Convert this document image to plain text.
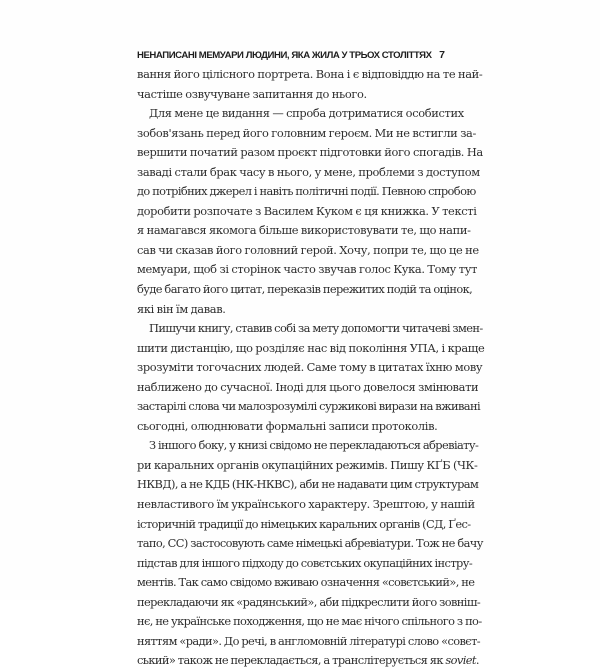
НЕНАПИСАНІ МЕМУАРИ ЛЮДИНИ, ЯКА ЖИЛА У ТРЬОХ СТОЛІТТЯХ 7
вання його цілісного портрета. Вона і є відповіддю на те най-
частіше озвучуване запитання до нього.
Для мене це видання — спроба дотриматися особистих
зобов'язань перед його головним героєм. Ми не встигли за-
вершити початий разом проєкт підготовки його спогадів. На
заваді стали брак часу в нього, у мене, проблеми з доступом
до потрібних джерел і навіть політичні події. Певною спробою
доробити розпочате з Василем Куком є ця книжка. У тексті
я намагався якомога більше використовувати те, що напи-
сав чи сказав його головний герой. Хочу, попри те, що це не
мемуари, щоб зі сторінок часто звучав голос Кука. Тому тут
буде багато його цитат, переказів пережитих подій та оцінок,
які він їм давав.
Пишучи книгу, ставив собі за мету допомогти читачеві змен-
шити дистанцію, що розділяє нас від покоління УПА, і краще
зрозуміти тогочасних людей. Саме тому в цитатах їхню мову
наближено до сучасної. Іноді для цього довелося змінювати
застарілі слова чи малозрозумілі суржикові вирази на вживані
сьогодні, олюднювати формальні записи протоколів.
З іншого боку, у книзі свідомо не перекладаються абревіату-
ри каральних органів окупаційних режимів. Пишу КҐБ (ЧК-
НКВД), а не КДБ (НК-НКВС), аби не надавати цим структурам
невластивого їм українського характеру. Зрештою, у нашій
історичній традиції до німецьких каральних органів (СД, Ґес-
тапо, СС) застосовують саме німецькі абревіатури. Тож не бачу
підстав для іншого підходу до совєтських окупаційних інстру-
ментів. Так само свідомо вживаю означення «совєтський», не
перекладаючи як «радянський», аби підкреслити його зовніш-
нє, не українське походження, що не має нічого спільного з по-
няттям «ради». До речі, в англомовній літературі слово «совєт-
ський» також не перекладається, а транслітерується як soviet.
